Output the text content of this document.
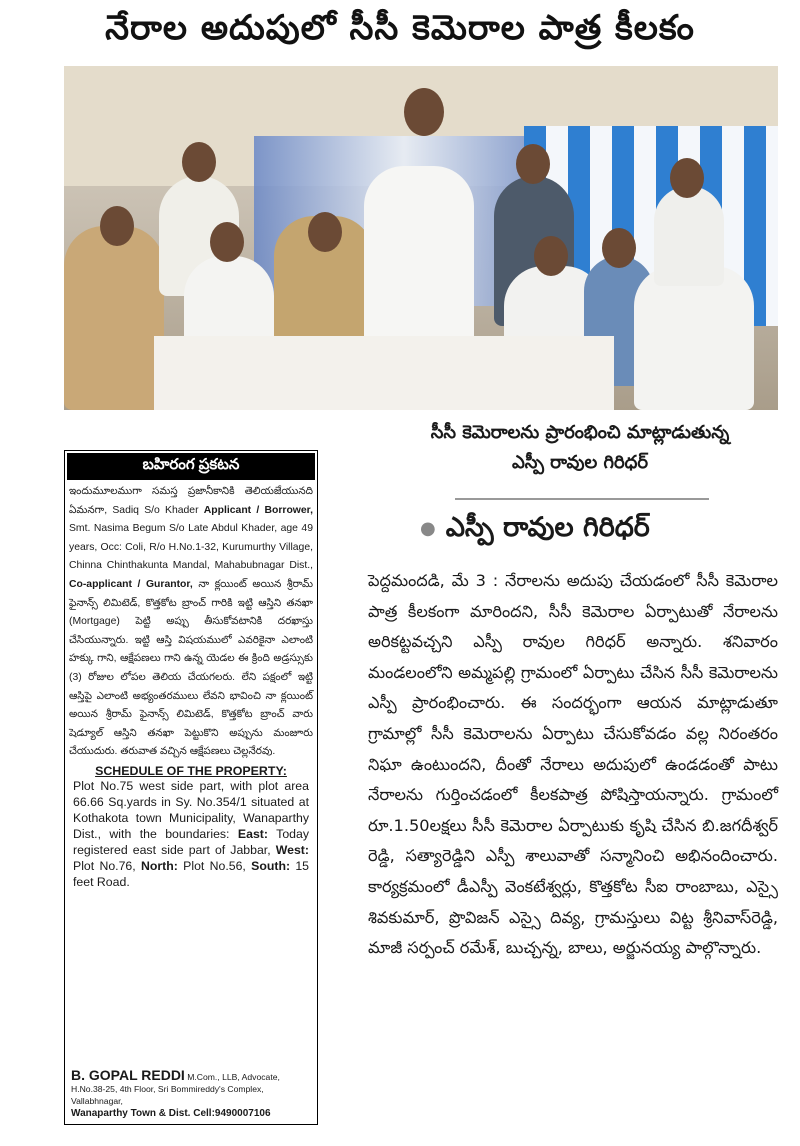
నేరాల అదుపులో సీసీ కెమెరాల పాత్ర కీలకం
సీసీ కెమెరాలను ప్రారంభించి మాట్లాడుతున్న
ఎస్పీ రావుల గిరిధర్
● ఎస్పీ రావుల గిరిధర్
పెద్దమందడి, మే 3 : నేరాలను అదుపు చేయడంలో సీసీ కెమెరాల పాత్ర కీలకంగా మారిందని, సీసీ కెమెరాల ఏర్పాటుతో నేరాలను అరికట్టవచ్చని ఎస్పీ రావుల గిరిధర్ అన్నారు. శనివారం మండలంలోని అమ్మపల్లి గ్రామంలో ఏర్పాటు చేసిన సీసీ కెమెరాలను ఎస్పీ ప్రారంభించారు. ఈ సందర్భంగా ఆయన మాట్లాడుతూ గ్రామాల్లో సీసీ కెమెరాలను ఏర్పాటు చేసుకోవడం వల్ల నిరంతరం నిఘా ఉంటుందని, దీంతో నేరాలు అదుపులో ఉండడంతో పాటు నేరాలను గుర్తించడంలో కీలకపాత్ర పోషిస్తాయన్నారు. గ్రామంలో రూ.1.50లక్షలు సీసీ కెమెరాల ఏర్పాటుకు కృషి చేసిన బి.జగదీశ్వర్ రెడ్డి, సత్యారెడ్డిని ఎస్పీ శాలువాతో సన్మానించి అభినందించారు. కార్యక్రమంలో డీఎస్పీ వెంకటేశ్వర్లు, కొత్తకోట సీఐ రాంబాబు, ఎస్సై శివకుమార్, ప్రొవిజన్ ఎస్సై దివ్య, గ్రామస్తులు విట్ట శ్రీనివాస్‌రెడ్డి, మాజీ సర్పంచ్ రమేశ్, బుచ్చన్న, బాలు, అర్జునయ్య పాల్గొన్నారు.
బహిరంగ ప్రకటన
ఇందుమూలముగా సమస్త ప్రజానీకానికి తెలియజేయునది ఏమనగా, Sadiq S/o Khader Applicant / Borrower, Smt. Nasima Begum S/o Late Abdul Khader, age 49 years, Occ: Coli, R/o H.No.1-32, Kurumurthy Village, Chinna Chinthakunta Mandal, Mahabubnagar Dist., Co-applicant / Gurantor, నా క్లయింట్ అయిన శ్రీరామ్ ఫైనాన్స్ లిమిటెడ్, కొత్తకోట బ్రాంచ్ గారికి ఇట్టి ఆస్తిని తనఖా (Mortgage) పెట్టి అప్పు తీసుకోవటానికి దరఖాస్తు చేసియున్నారు. ఇట్టి ఆస్తి విషయములో ఎవరికైనా ఎలాంటి హక్కు గాని, ఆక్షేపణలు గాని ఉన్న యెడల ఈ క్రింది అడ్రస్సుకు (3) రోజుల లోపల తెలియ చేయగలరు. లేని పక్షంలో ఇట్టి ఆస్తిపై ఎలాంటి అభ్యంతరములు లేవని భావించి నా క్లయింట్ అయిన శ్రీరామ్ ఫైనాన్స్ లిమిటెడ్, కొత్తకోట బ్రాంచ్ వారు షెడ్యూల్ ఆస్తిని తనఖా పెట్టుకొని అప్పును మంజూరు చేయుదురు. తరువాత వచ్చిన ఆక్షేపణలు చెల్లనేరవు.
SCHEDULE OF THE PROPERTY:
Plot No.75 west side part, with plot area 66.66 Sq.yards in Sy. No.354/1 situated at Kothakota town Municipality, Wanaparthy Dist., with the boundaries: East: Today registered east side part of Jabbar, West: Plot No.76, North: Plot No.56, South: 15 feet Road.
B. GOPAL REDDI M.Com., LLB, Advocate,
H.No.38-25, 4th Floor, Sri Bommireddy's Complex, Vallabhnagar,
Wanaparthy Town & Dist. Cell:9490007106
